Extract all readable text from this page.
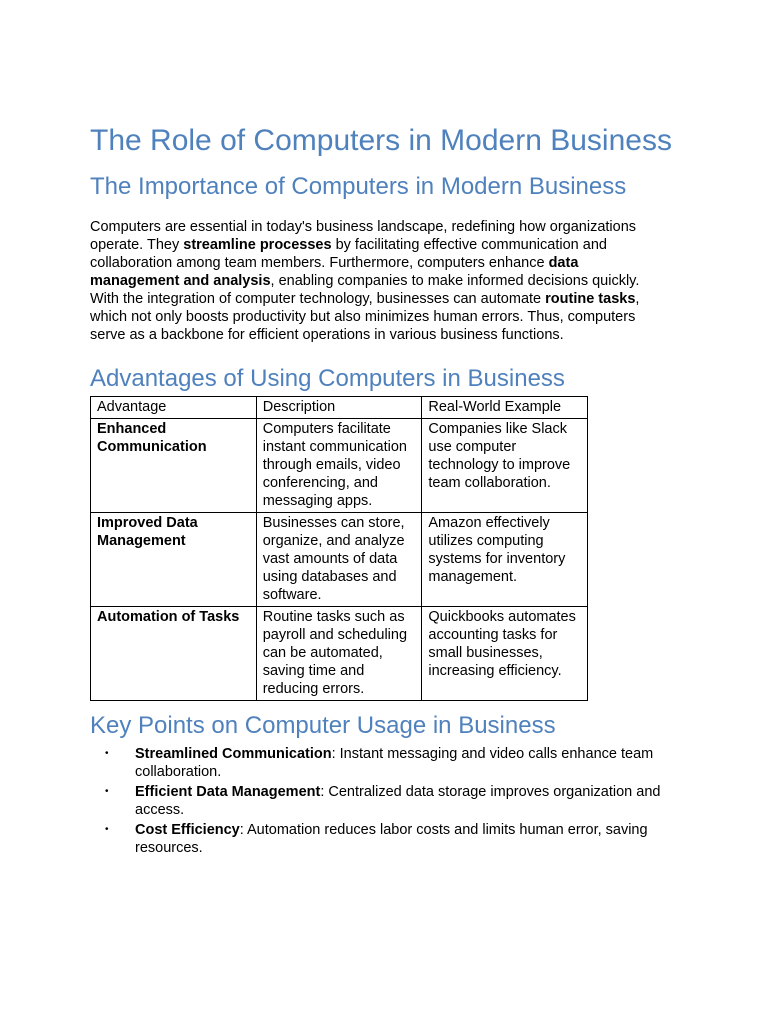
The Role of Computers in Modern Business
The Importance of Computers in Modern Business

Computers are essential in today's business landscape, redefining how organizations operate. They streamline processes by facilitating effective communication and collaboration among team members. Furthermore, computers enhance data management and analysis, enabling companies to make informed decisions quickly. With the integration of computer technology, businesses can automate routine tasks, which not only boosts productivity but also minimizes human errors. Thus, computers serve as a backbone for efficient operations in various business functions.

Advantages of Using Computers in Business
Advantage	Description	Real-World Example
Enhanced Communication	Computers facilitate instant communication through emails, video conferencing, and messaging apps.	Companies like Slack use computer technology to improve team collaboration.
Improved Data Management	Businesses can store, organize, and analyze vast amounts of data using databases and software.	Amazon effectively utilizes computing systems for inventory management.
Automation of Tasks	Routine tasks such as payroll and scheduling can be automated, saving time and reducing errors.	Quickbooks automates accounting tasks for small businesses, increasing efficiency.
Key Points on Computer Usage in Business
• Streamlined Communication: Instant messaging and video calls enhance team collaboration.
• Efficient Data Management: Centralized data storage improves organization and access.
• Cost Efficiency: Automation reduces labor costs and limits human error, saving resources.
